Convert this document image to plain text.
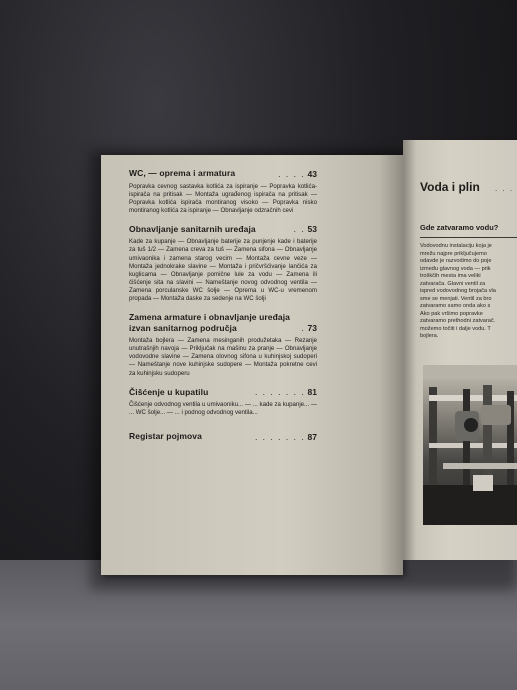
WC, — oprema i armatura	. . . . 43
Popravka cevnog sastavka kotlića za ispiranje — Popravka kotlića-ispirača na pritisak — Montaža ugrađenog ispirača na pritisak — Popravka kotlića ispirača montiranog visoko — Popravka nisko montiranog kotlića za ispiranje — Obnavljanje odzračnih cevi
Obnavljanje sanitarnih uređaja	. . 53
Kade za kupanje — Obnavljanje baterije za punjenje kade i baterije za tuš 1/2 — Zamena creva za tuš — Zamena sifona — Obnavljanje umivaonika i zamena starog vecim — Montaža cevne veze — Montaža jednokrake slavine — Montaža i pričvršćivanje lančića za kuglicama — Obnavljanje pomične lule za vodu — Zamena ili čišćenje sita na slavini — Nameštanje novog odvodnog ventila — Zamena porculanske WC šolje — Oprema u WC-u vremenom propada — Montaža daske za sedenje na WC šolji
Zamena armature i obnavljanje uređaja izvan sanitarnog područja	. 73
Montaža bojlera — Zamena mesinganih produžetaka — Rezanje unutrašnjih navoja — Priključak na mašinu za pranje — Obnavljanje vodovodne slavine — Zamena olovnog sifona u kuhinjskoj sudoperi — Nameštanje nove kuhinjske sudopere — Montaža pokretne cevi za kuhinjsku sudoperu
Čišćenje u kupatilu	. . . . . . . 81
Čišćenje odvodnog ventila u umivaoniku... — ... kade za kupanje... — ... WC šolje... — ... i podnog odvodnog ventila...
Registar pojmova	. . . . . . . 87
Voda i plin . . .
Gde zatvaramo vodu?
Vodovodnu instalaciju koja je
mrežu najpre priključujemo
odavde je razvodimo do poje
između glavnog voda — prik
troškčih mesta ima veliki
zatvarača. Glavni ventil za
ispred vodovodnog brojača vla
sme se menjati. Ventil za bro
zatvaramo samo onda ako s
Ako pak vršimo popravke
zatvaramo prethodni zatvarač.
možemo točiti i dalje vodu. T
bojlera.
